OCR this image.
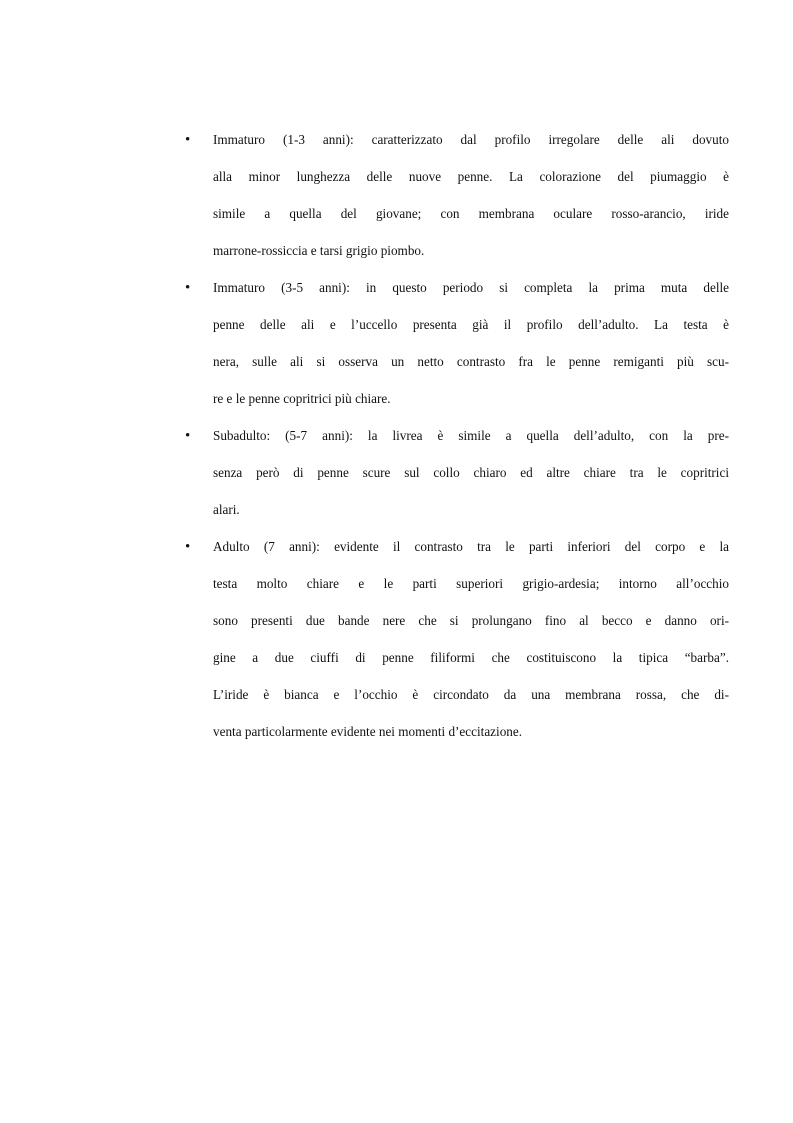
• Immaturo (1-3 anni): caratterizzato dal profilo irregolare delle ali dovuto
alla minor lunghezza delle nuove penne. La colorazione del piumaggio è
simile a quella del giovane; con membrana oculare rosso-arancio, iride
marrone-rossiccia e tarsi grigio piombo.
• Immaturo (3-5 anni): in questo periodo si completa la prima muta delle
penne delle ali e l’uccello presenta già il profilo dell’adulto. La testa è
nera, sulle ali si osserva un netto contrasto fra le penne remiganti più scu-
re e le penne copritrici più chiare.
• Subadulto: (5-7 anni): la livrea è simile a quella dell’adulto, con la pre-
senza però di penne scure sul collo chiaro ed altre chiare tra le copritrici
alari.
• Adulto (7 anni): evidente il contrasto tra le parti inferiori del corpo e la
testa molto chiare e le parti superiori grigio-ardesia; intorno all’occhio
sono presenti due bande nere che si prolungano fino al becco e danno ori-
gine a due ciuffi di penne filiformi che costituiscono la tipica “barba”.
L’iride è bianca e l’occhio è circondato da una membrana rossa, che di-
venta particolarmente evidente nei momenti d’eccitazione.
